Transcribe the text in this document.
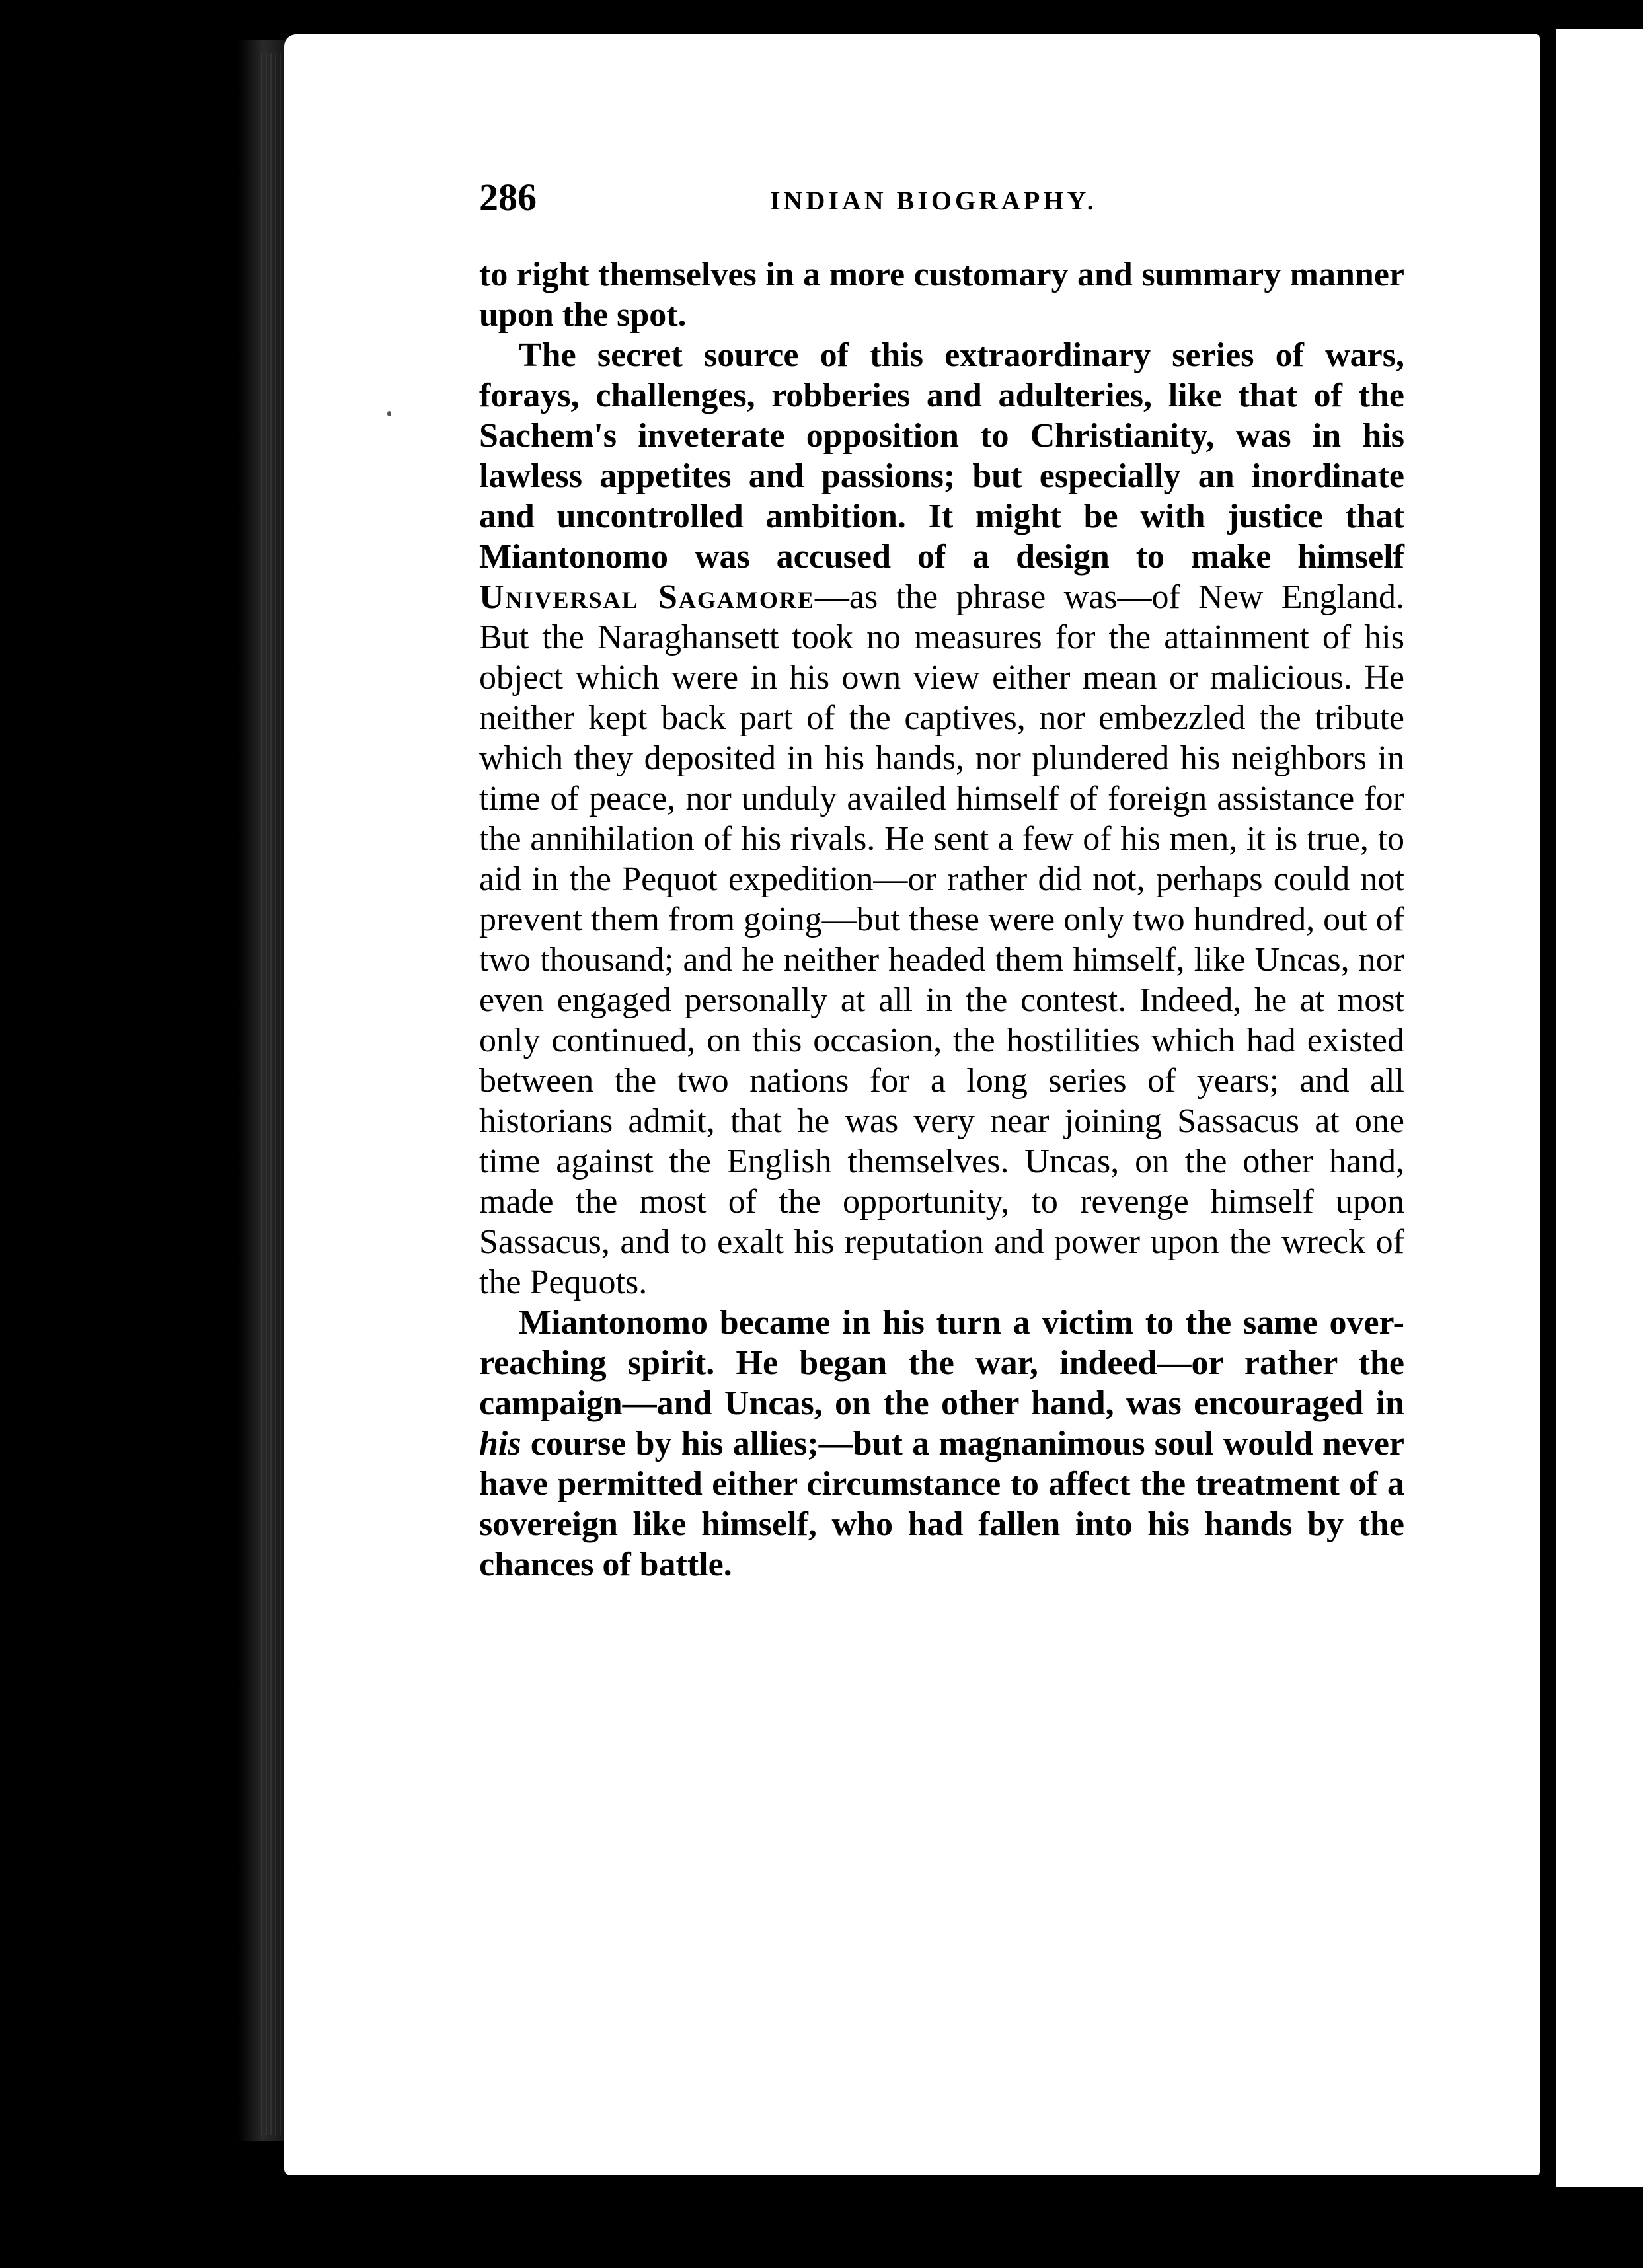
286	INDIAN BIOGRAPHY.

to right themselves in a more customary and summary manner upon the spot.

The secret source of this extraordinary series of wars, forays, challenges, robberies and adulteries, like that of the Sachem's inveterate opposition to Christianity, was in his lawless appetites and passions; but especially an inordinate and uncontrolled ambition. It might be with justice that Miantonomo was accused of a design to make himself Universal Sagamore—as the phrase was—of New England. But the Naraghansett took no measures for the attainment of his object which were in his own view either mean or malicious. He neither kept back part of the captives, nor embezzled the tribute which they deposited in his hands, nor plundered his neighbors in time of peace, nor unduly availed himself of foreign assistance for the annihilation of his rivals. He sent a few of his men, it is true, to aid in the Pequot expedition—or rather did not, perhaps could not prevent them from going—but these were only two hundred, out of two thousand; and he neither headed them himself, like Uncas, nor even engaged personally at all in the contest. Indeed, he at most only continued, on this occasion, the hostilities which had existed between the two nations for a long series of years; and all historians admit, that he was very near joining Sassacus at one time against the English themselves. Uncas, on the other hand, made the most of the opportunity, to revenge himself upon Sassacus, and to exalt his reputation and power upon the wreck of the Pequots.

Miantonomo became in his turn a victim to the same over-reaching spirit. He began the war, indeed—or rather the campaign—and Uncas, on the other hand, was encouraged in his course by his allies;—but a magnanimous soul would never have permitted either circumstance to affect the treatment of a sovereign like himself, who had fallen into his hands by the chances of battle.
